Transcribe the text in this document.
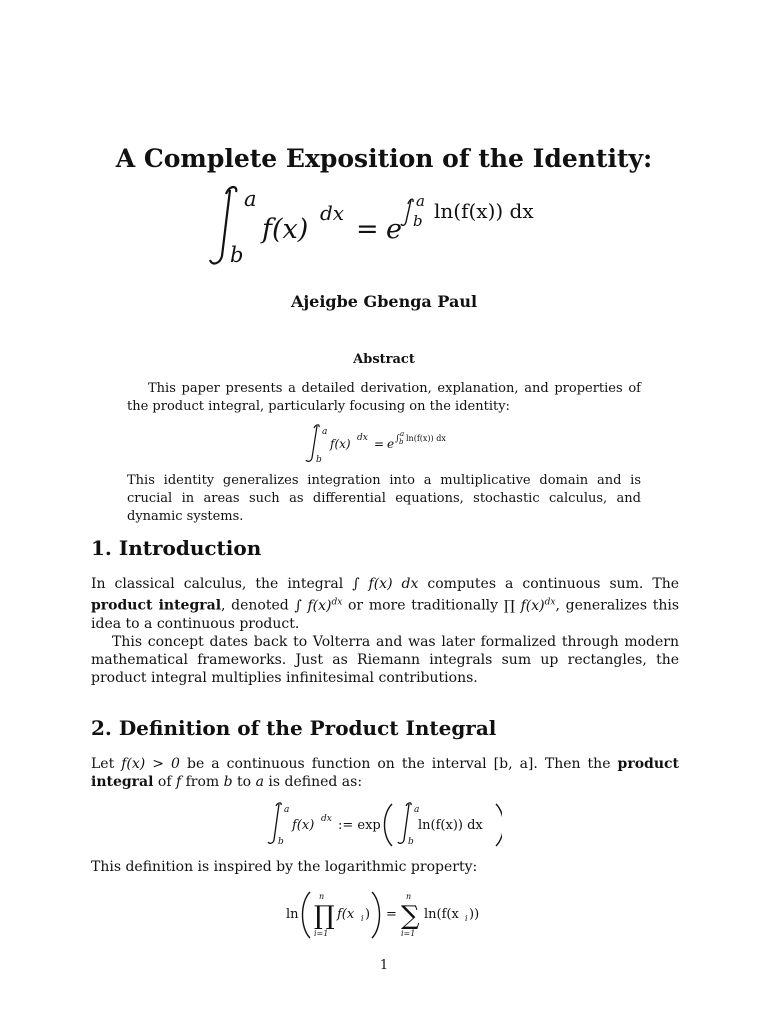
A Complete Exposition of the Identity:
a
b
f(x)
dx
= e
a
b ln(f(x)) dx
Ajeigbe Gbenga Paul
Abstract

This paper presents a detailed derivation, explanation, and properties of the product integral, particularly focusing on the identity:

a
b
f(x) dx = e ∫ a
b ln(f(x)) dx

This identity generalizes integration into a multiplicative domain and is crucial in areas such as differential equations, stochastic calculus, and dynamic systems.

1. Introduction

In classical calculus, the integral ∫ f(x) dx computes a continuous sum. The product integral, denoted ∫ $f(x)^{dx}$ or more traditionally ∏ $f(x)^{dx}$, generalizes this idea to a continuous product.

This concept dates back to Volterra and was later formalized through modern mathematical frameworks. Just as Riemann integrals sum up rectangles, the product integral multiplies infinitesimal contributions.

2. Definition of the Product Integral

Let f(x) > 0 be a continuous function on the interval [b, a]. Then the product integral of f from b to a is defined as:

a
b
f(x) dx := exp
a
b
ln(f(x)) dx

This definition is inspired by the logarithmic property:

ln
n
∏
i=1
f(x i ) =
n
∑
i=1
ln(f(x i ))
1
